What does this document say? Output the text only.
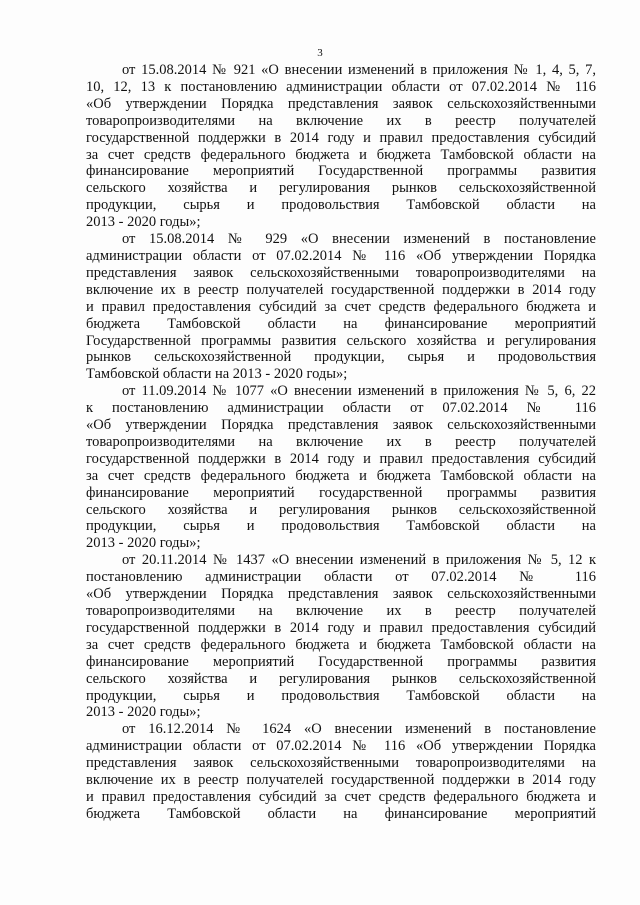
3

от 15.08.2014 № 921 «О внесении изменений в приложения № 1, 4, 5, 7,
10, 12, 13 к постановлению администрации области от 07.02.2014 № 116
«Об утверждении Порядка представления заявок сельскохозяйственными
товаропроизводителями на включение их в реестр получателей
государственной поддержки в 2014 году и правил предоставления субсидий
за счет средств федерального бюджета и бюджета Тамбовской области на
финансирование мероприятий Государственной программы развития
сельского хозяйства и регулирования рынков сельскохозяйственной
продукции, сырья и продовольствия Тамбовской области на
2013 - 2020 годы»;

от 15.08.2014 № 929 «О внесении изменений в постановление
администрации области от 07.02.2014 № 116 «Об утверждении Порядка
представления заявок сельскохозяйственными товаропроизводителями на
включение их в реестр получателей государственной поддержки в 2014 году
и правил предоставления субсидий за счет средств федерального бюджета и
бюджета Тамбовской области на финансирование мероприятий
Государственной программы развития сельского хозяйства и регулирования
рынков сельскохозяйственной продукции, сырья и продовольствия
Тамбовской области на 2013 - 2020 годы»;

от 11.09.2014 № 1077 «О внесении изменений в приложения № 5, 6, 22
к постановлению администрации области от 07.02.2014 № 116
«Об утверждении Порядка представления заявок сельскохозяйственными
товаропроизводителями на включение их в реестр получателей
государственной поддержки в 2014 году и правил предоставления субсидий
за счет средств федерального бюджета и бюджета Тамбовской области на
финансирование мероприятий государственной программы развития
сельского хозяйства и регулирования рынков сельскохозяйственной
продукции, сырья и продовольствия Тамбовской области на
2013 - 2020 годы»;

от 20.11.2014 № 1437 «О внесении изменений в приложения № 5, 12 к
постановлению администрации области от 07.02.2014 № 116
«Об утверждении Порядка представления заявок сельскохозяйственными
товаропроизводителями на включение их в реестр получателей
государственной поддержки в 2014 году и правил предоставления субсидий
за счет средств федерального бюджета и бюджета Тамбовской области на
финансирование мероприятий Государственной программы развития
сельского хозяйства и регулирования рынков сельскохозяйственной
продукции, сырья и продовольствия Тамбовской области на
2013 - 2020 годы»;

от 16.12.2014 № 1624 «О внесении изменений в постановление
администрации области от 07.02.2014 № 116 «Об утверждении Порядка
представления заявок сельскохозяйственными товаропроизводителями на
включение их в реестр получателей государственной поддержки в 2014 году
и правил предоставления субсидий за счет средств федерального бюджета и
бюджета Тамбовской области на финансирование мероприятий
